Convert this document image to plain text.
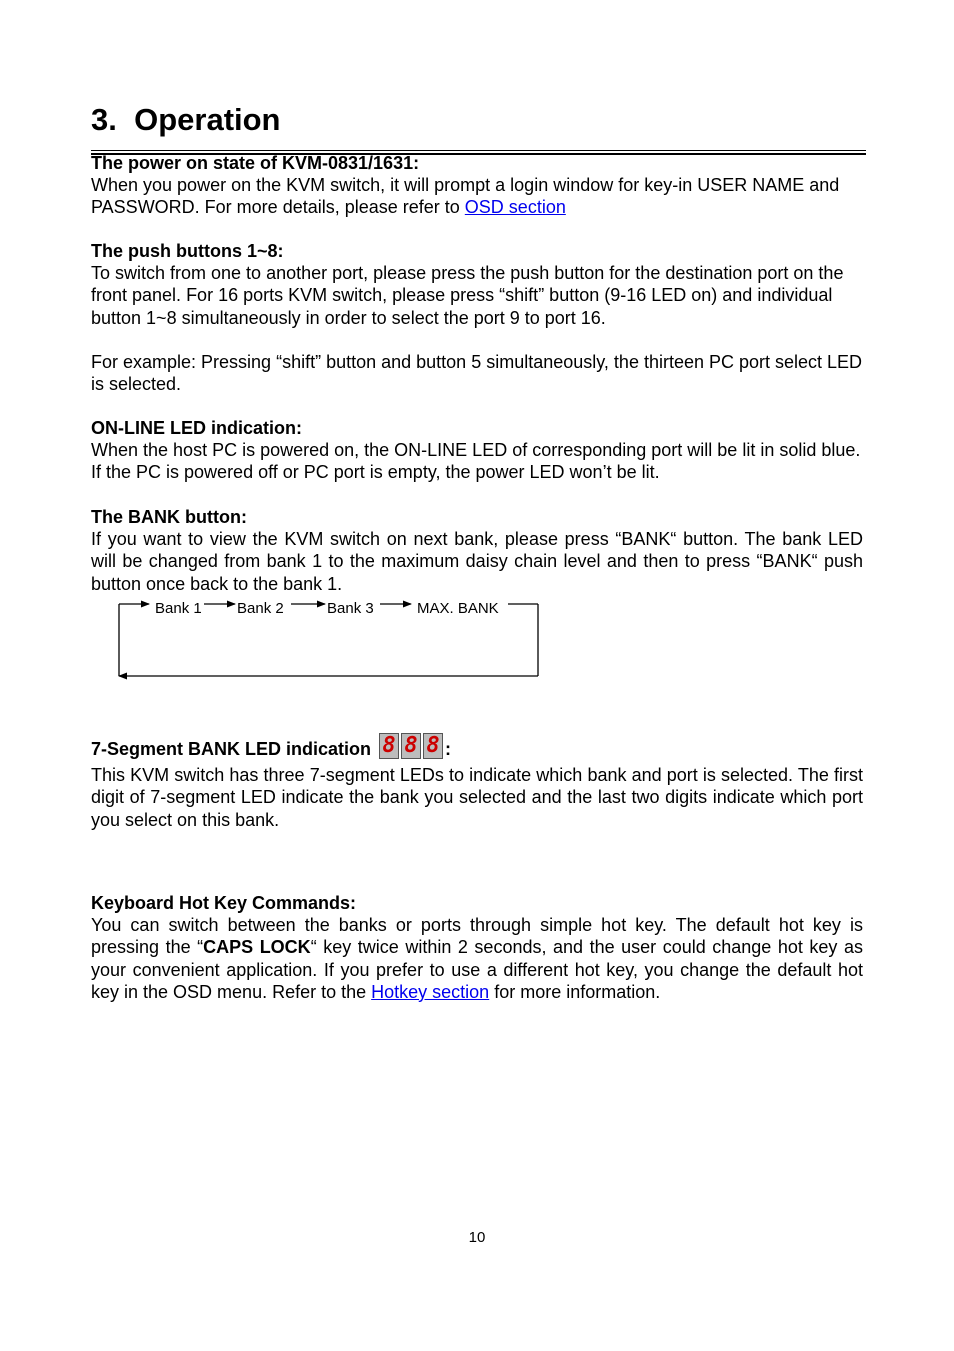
3. Operation
The power on state of KVM-0831/1631:

When you power on the KVM switch, it will prompt a login window for key-in USER NAME and PASSWORD. For more details, please refer to OSD section

The push buttons 1~8:

To switch from one to another port, please press the push button for the destination port on the front panel. For 16 ports KVM switch, please press “shift” button (9-16 LED on) and individual button 1~8 simultaneously in order to select the port 9 to port 16.

For example: Pressing “shift” button and button 5 simultaneously, the thirteen PC port select LED is selected.

ON-LINE LED indication:

When the host PC is powered on, the ON-LINE LED of corresponding port will be lit in solid blue. If the PC is powered off or PC port is empty, the power LED won’t be lit.

The BANK button:

If you want to view the KVM switch on next bank, please press “BANK“ button. The bank LED will be changed from bank 1 to the maximum daisy chain level and then to press “BANK“ push button once back to the bank 1.

Bank 1 Bank 2	Bank 3	MAX. BANK
7-Segment BANK LED indication 8 8 8 :

This KVM switch has three 7-segment LEDs to indicate which bank and port is selected. The first digit of 7-segment LED indicate the bank you selected and the last two digits indicate which port you select on this bank.

Keyboard Hot Key Commands:

You can switch between the banks or ports through simple hot key. The default hot key is pressing the “CAPS LOCK“ key twice within 2 seconds, and the user could change hot key as your convenient application. If you prefer to use a different hot key, you change the default hot key in the OSD menu. Refer to the Hotkey section for more information.

10
